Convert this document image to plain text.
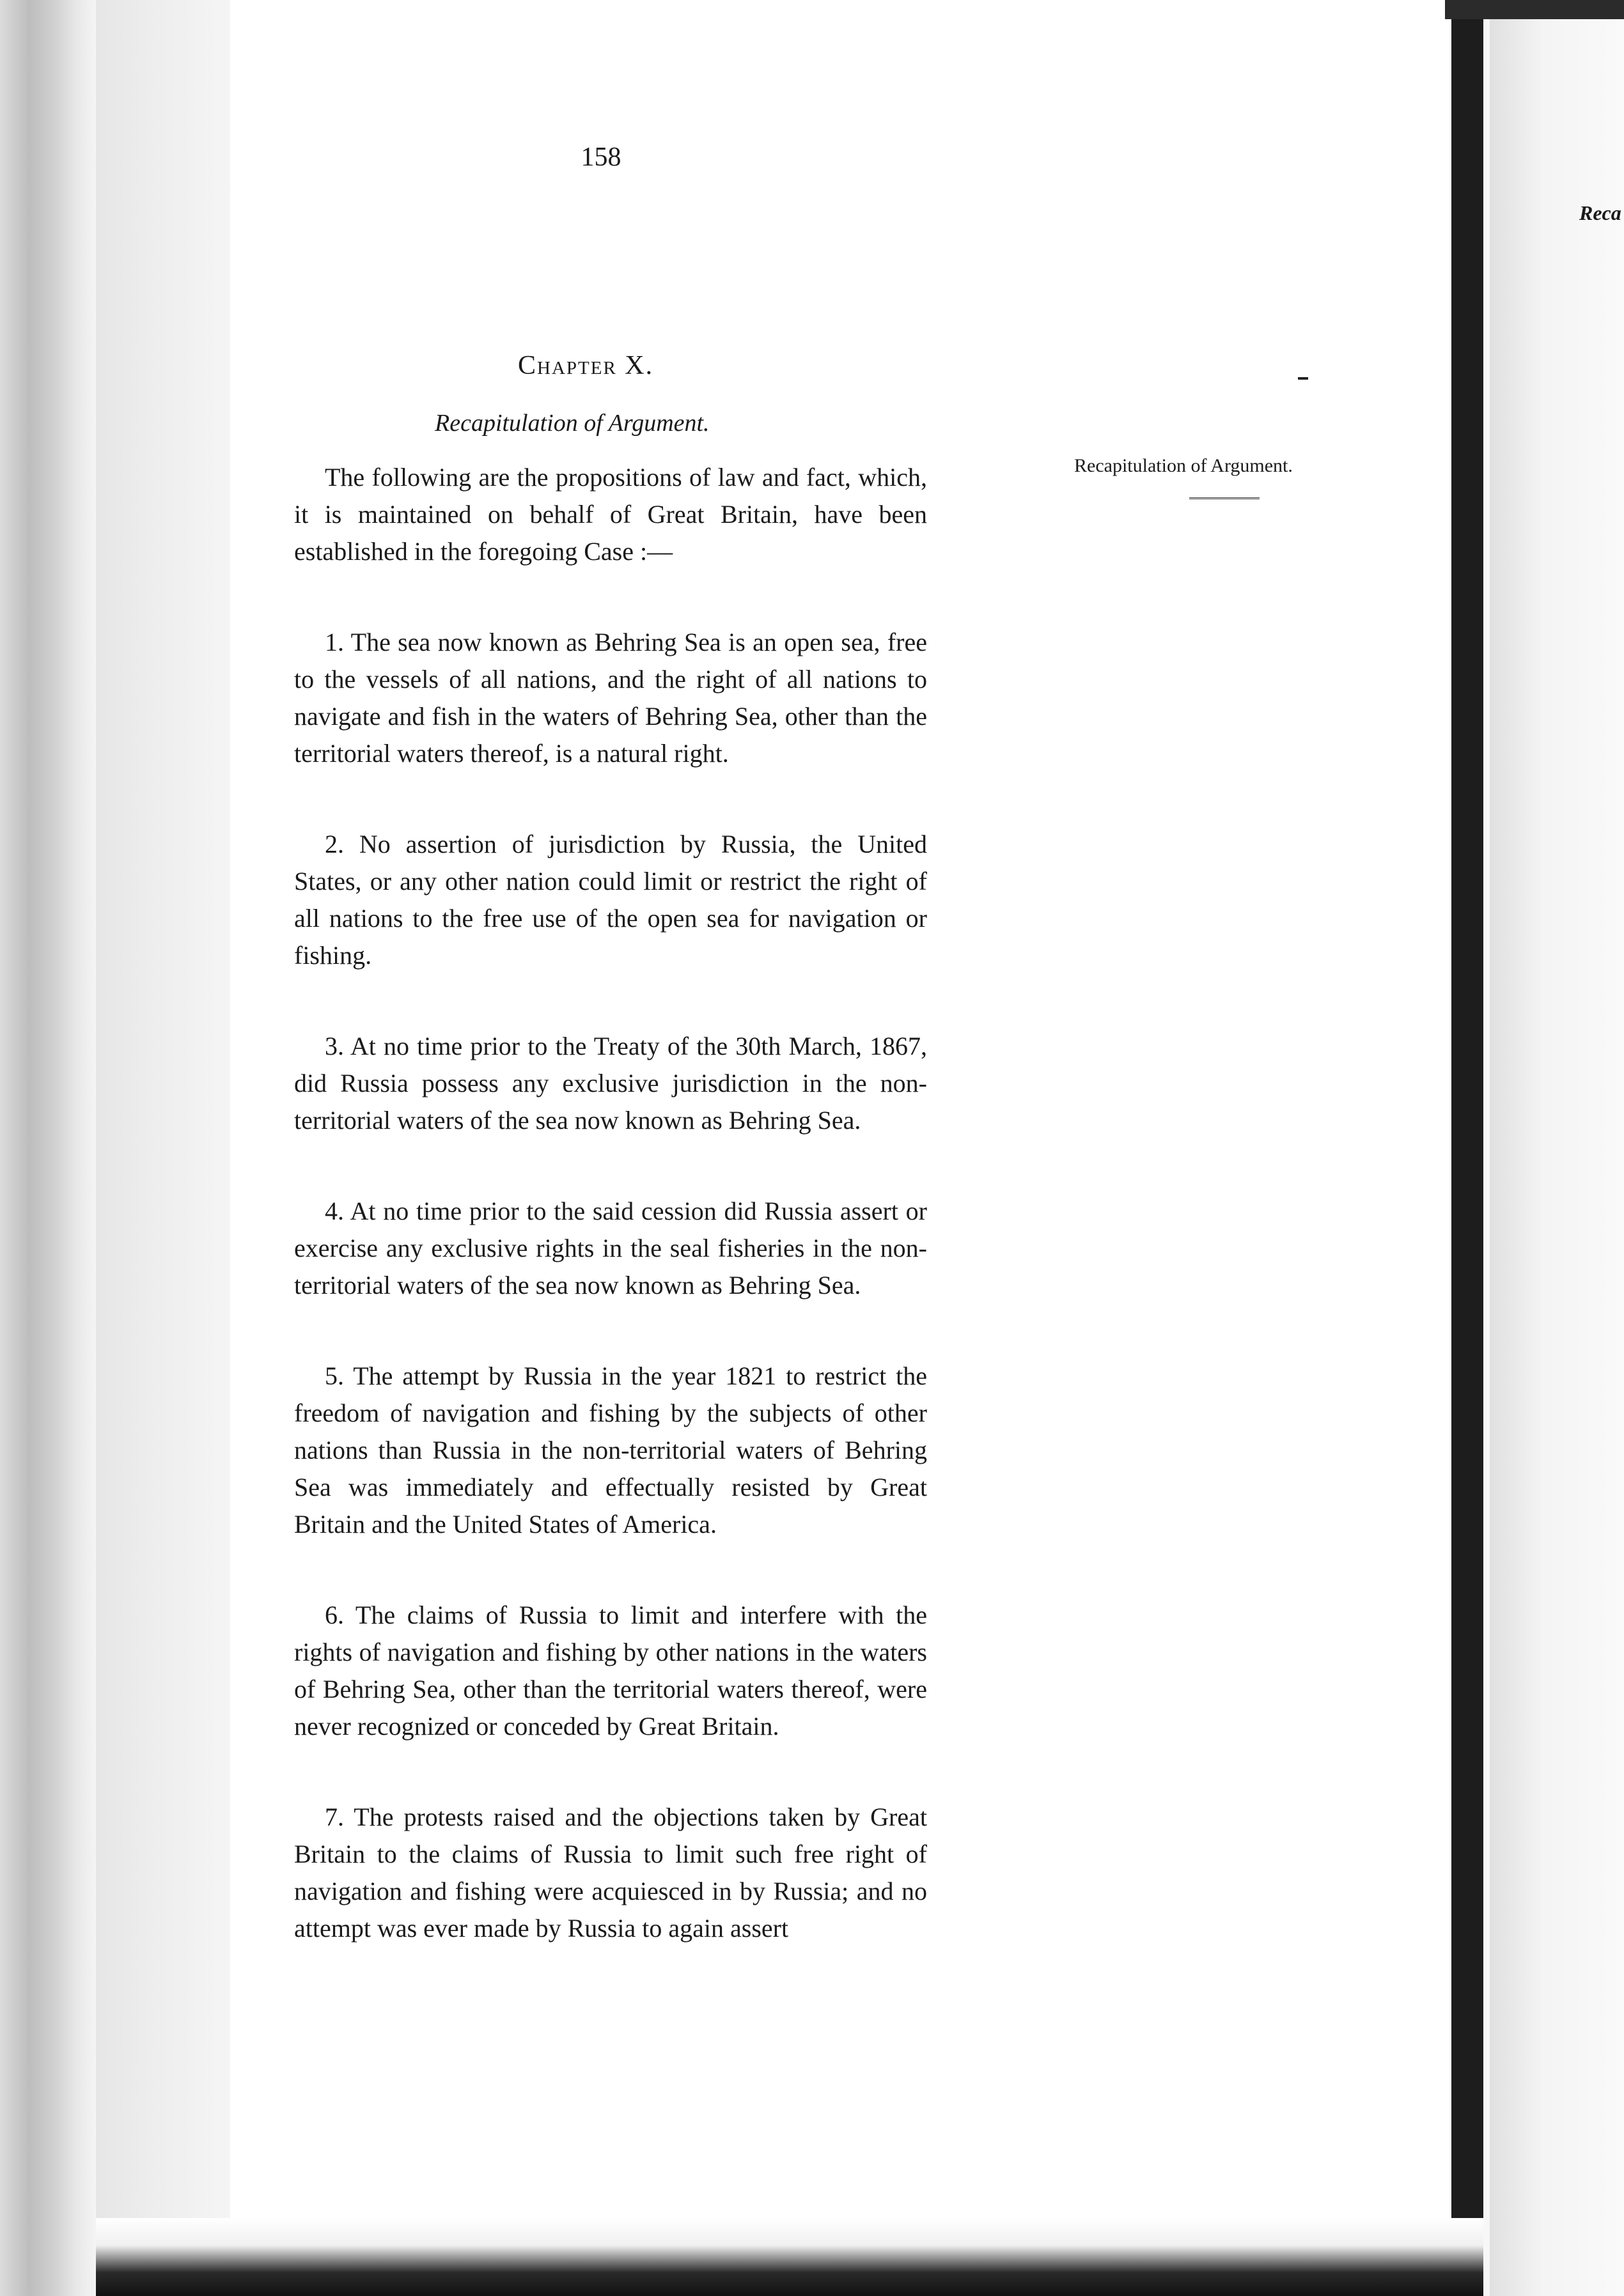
158
Reca
Chapter X.
Recapitulation of Argument.
Recapitulation of Argument.

The following are the propositions of law and fact, which, it is maintained on behalf of Great Britain, have been established in the foregoing Case :—

1. The sea now known as Behring Sea is an open sea, free to the vessels of all nations, and the right of all nations to navigate and fish in the waters of Behring Sea, other than the territorial waters thereof, is a natural right.

2. No assertion of jurisdiction by Russia, the United States, or any other nation could limit or restrict the right of all nations to the free use of the open sea for navigation or fishing.

3. At no time prior to the Treaty of the 30th March, 1867, did Russia possess any exclusive jurisdiction in the non-territorial waters of the sea now known as Behring Sea.

4. At no time prior to the said cession did Russia assert or exercise any exclusive rights in the seal fisheries in the non-territorial waters of the sea now known as Behring Sea.

5. The attempt by Russia in the year 1821 to restrict the freedom of navigation and fishing by the subjects of other nations than Russia in the non-territorial waters of Behring Sea was immediately and effectually resisted by Great Britain and the United States of America.

6. The claims of Russia to limit and interfere with the rights of navigation and fishing by other nations in the waters of Behring Sea, other than the territorial waters thereof, were never recognized or conceded by Great Britain.

7. The protests raised and the objections taken by Great Britain to the claims of Russia to limit such free right of navigation and fishing were acquiesced in by Russia; and no attempt was ever made by Russia to again assert
